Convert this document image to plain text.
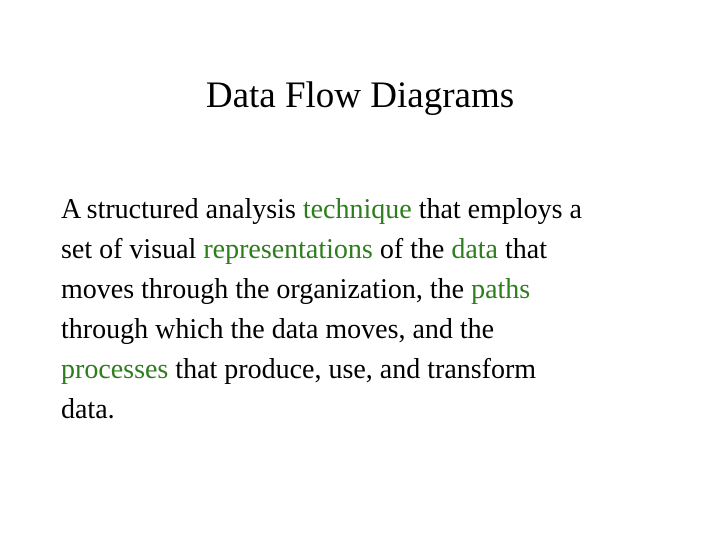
Data Flow Diagrams

A structured analysis technique that employs a
set of visual representations of the data that
moves through the organization, the paths
through which the data moves, and the
processes that produce, use, and transform
data.
